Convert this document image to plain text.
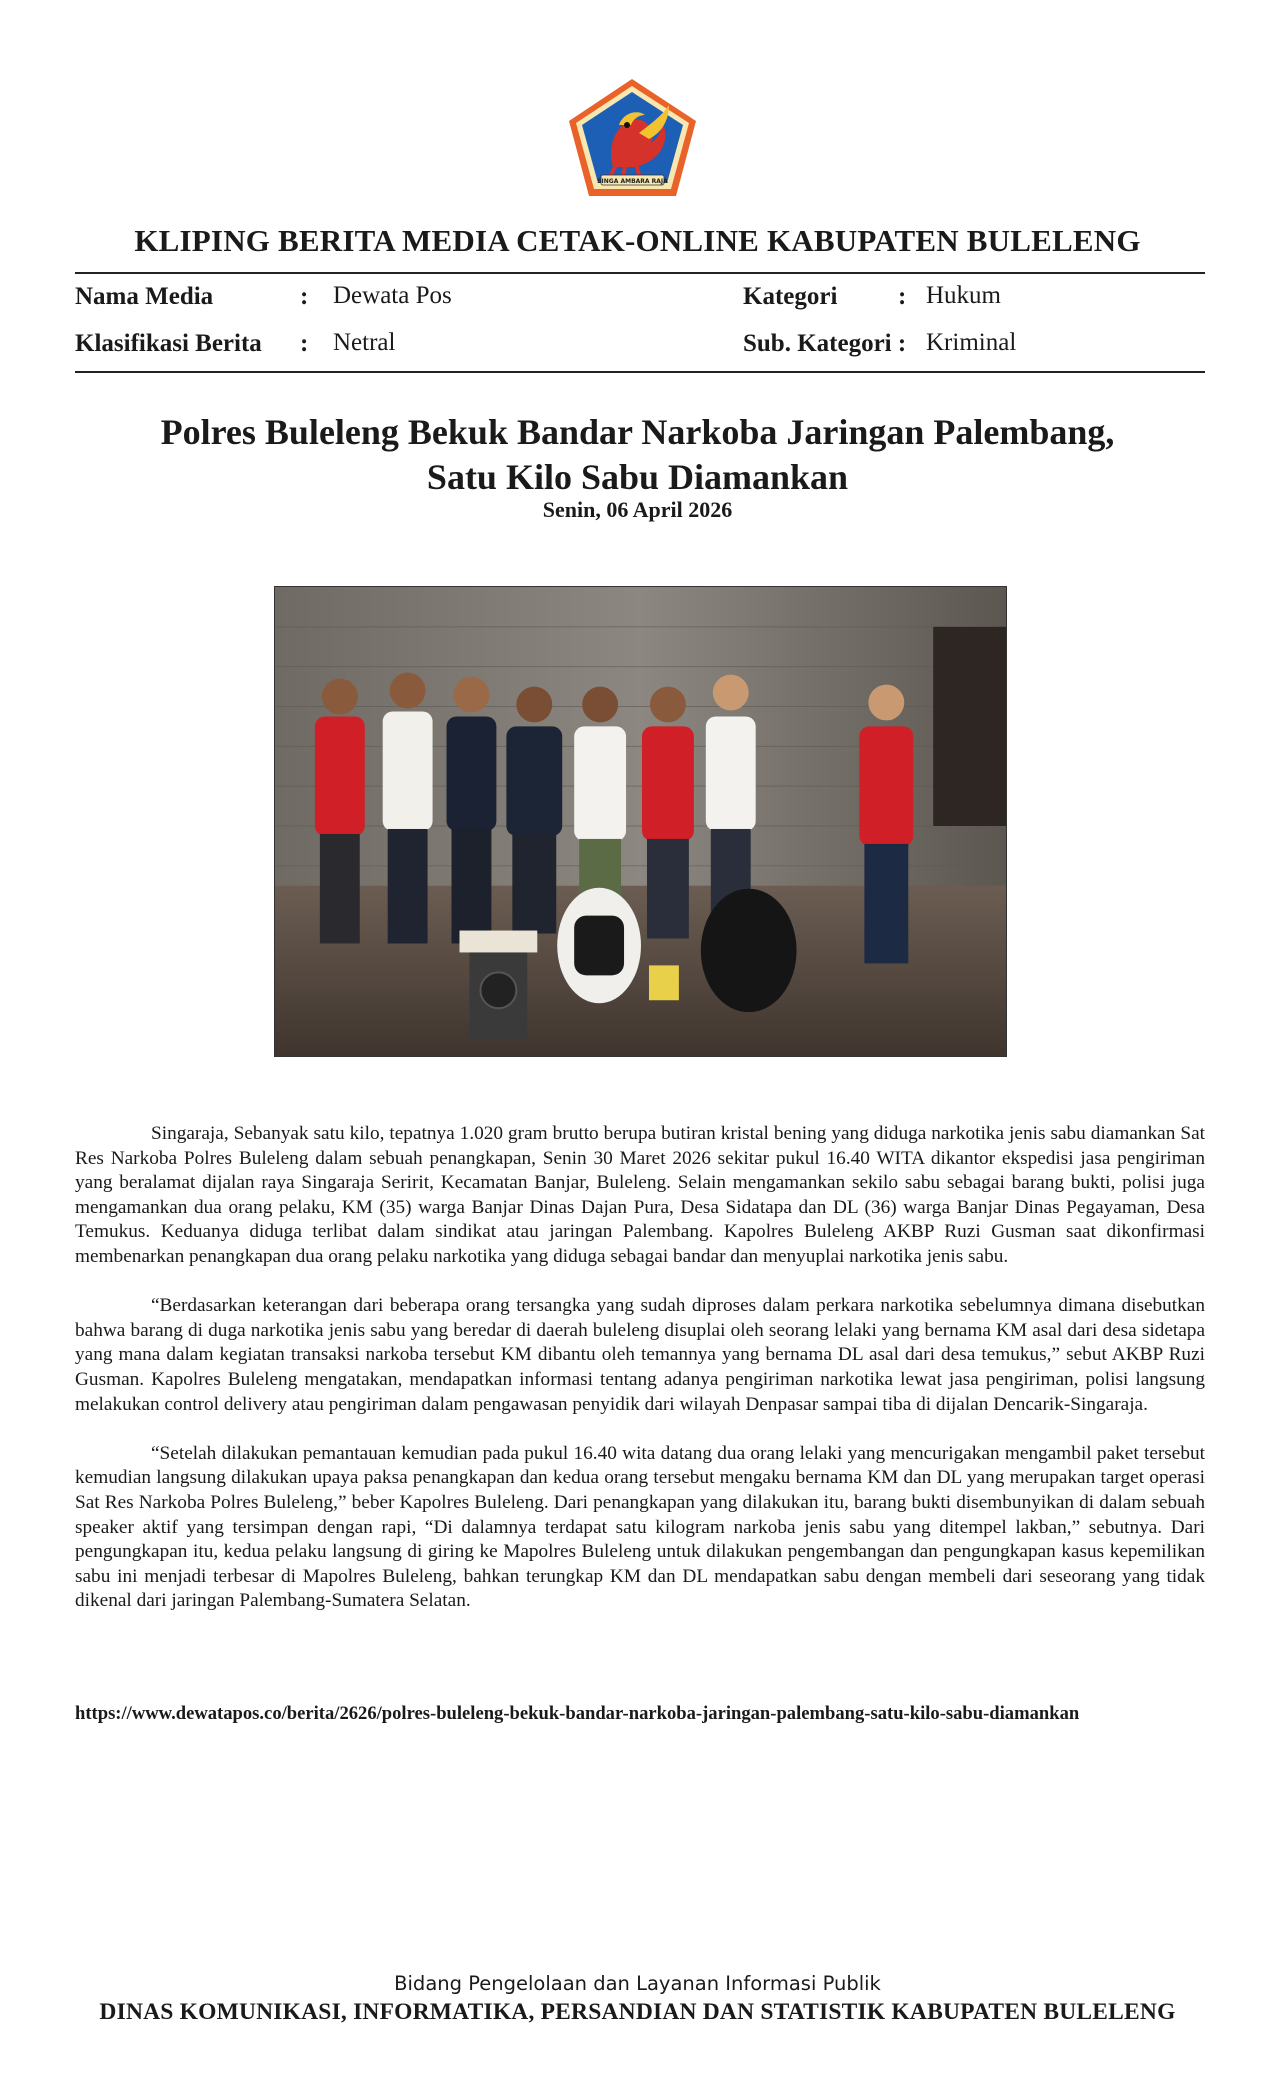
SINGA AMBARA RAJA
KLIPING BERITA MEDIA CETAK-ONLINE KABUPATEN BULELENG
Nama Media	: Dewata Pos	Kategori : Hukum
Klasifikasi Berita : Netral	Sub. Kategori : Kriminal
Polres Buleleng Bekuk Bandar Narkoba Jaringan Palembang,
Satu Kilo Sabu Diamankan
Senin, 06 April 2026

Singaraja, Sebanyak satu kilo, tepatnya 1.020 gram brutto berupa butiran kristal bening yang diduga narkotika jenis sabu diamankan Sat Res Narkoba Polres Buleleng dalam sebuah penangkapan, Senin 30 Maret 2026 sekitar pukul 16.40 WITA dikantor ekspedisi jasa pengiriman yang beralamat dijalan raya Singaraja Seririt, Kecamatan Banjar, Buleleng. Selain mengamankan sekilo sabu sebagai barang bukti, polisi juga mengamankan dua orang pelaku, KM (35) warga Banjar Dinas Dajan Pura, Desa Sidatapa dan DL (36) warga Banjar Dinas Pegayaman, Desa Temukus. Keduanya diduga terlibat dalam sindikat atau jaringan Palembang. Kapolres Buleleng AKBP Ruzi Gusman saat dikonfirmasi membenarkan penangkapan dua orang pelaku narkotika yang diduga sebagai bandar dan menyuplai narkotika jenis sabu.

“Berdasarkan keterangan dari beberapa orang tersangka yang sudah diproses dalam perkara narkotika sebelumnya dimana disebutkan bahwa barang di duga narkotika jenis sabu yang beredar di daerah buleleng disuplai oleh seorang lelaki yang bernama KM asal dari desa sidetapa yang mana dalam kegiatan transaksi narkoba tersebut KM dibantu oleh temannya yang bernama DL asal dari desa temukus,” sebut AKBP Ruzi Gusman. Kapolres Buleleng mengatakan, mendapatkan informasi tentang adanya pengiriman narkotika lewat jasa pengiriman, polisi langsung melakukan control delivery atau pengiriman dalam pengawasan penyidik dari wilayah Denpasar sampai tiba di dijalan Dencarik-Singaraja.

“Setelah dilakukan pemantauan kemudian pada pukul 16.40 wita datang dua orang lelaki yang mencurigakan mengambil paket tersebut kemudian langsung dilakukan upaya paksa penangkapan dan kedua orang tersebut mengaku bernama KM dan DL yang merupakan target operasi Sat Res Narkoba Polres Buleleng,” beber Kapolres Buleleng. Dari penangkapan yang dilakukan itu, barang bukti disembunyikan di dalam sebuah speaker aktif yang tersimpan dengan rapi, “Di dalamnya terdapat satu kilogram narkoba jenis sabu yang ditempel lakban,” sebutnya. Dari pengungkapan itu, kedua pelaku langsung di giring ke Mapolres Buleleng untuk dilakukan pengembangan dan pengungkapan kasus kepemilikan sabu ini menjadi terbesar di Mapolres Buleleng, bahkan terungkap KM dan DL mendapatkan sabu dengan membeli dari seseorang yang tidak dikenal dari jaringan Palembang-Sumatera Selatan.

https://www.dewatapos.co/berita/2626/polres-buleleng-bekuk-bandar-narkoba-jaringan-palembang-satu-kilo-sabu-diamankan
Bidang Pengelolaan dan Layanan Informasi Publik
DINAS KOMUNIKASI, INFORMATIKA, PERSANDIAN DAN STATISTIK KABUPATEN BULELENG
